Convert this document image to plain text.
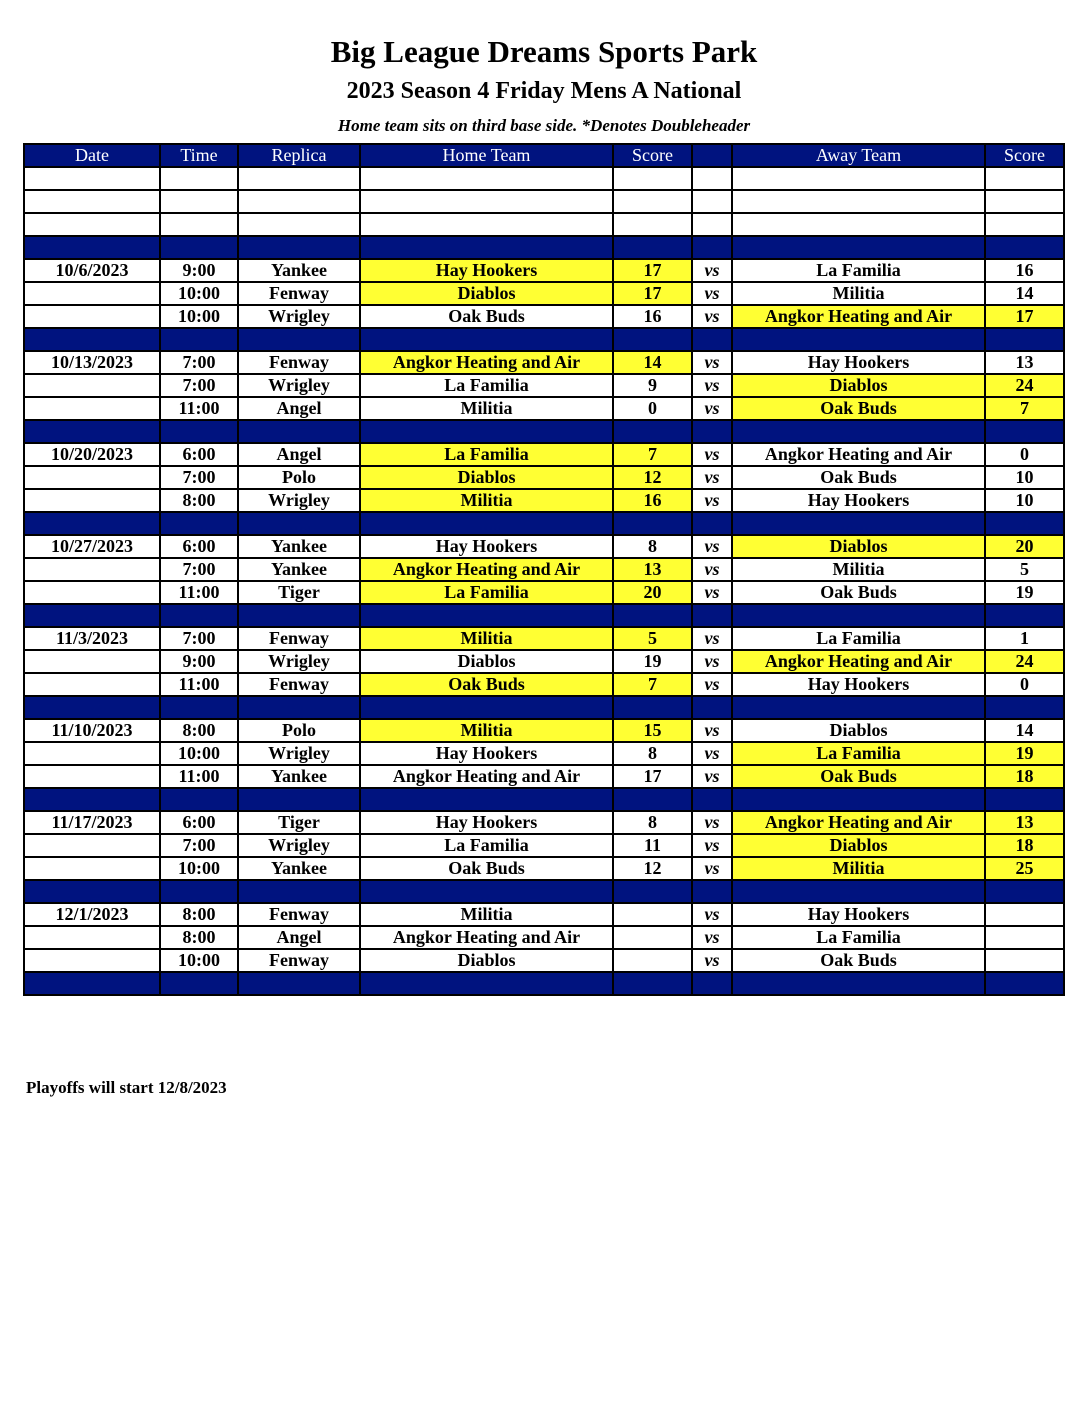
Big League Dreams Sports Park
2023 Season 4 Friday Mens A National
Home team sits on third base side. *Denotes Doubleheader
Date	Time	Replica	Home Team	Score		Away Team	Score

10/6/2023	9:00	Yankee	Hay Hookers	17	vs	La Familia	16
	10:00	Fenway	Diablos	17	vs	Militia	14
	10:00	Wrigley	Oak Buds	16	vs	Angkor Heating and Air	17

10/13/2023	7:00	Fenway	Angkor Heating and Air	14	vs	Hay Hookers	13
	7:00	Wrigley	La Familia	9	vs	Diablos	24
	11:00	Angel	Militia	0	vs	Oak Buds	7

10/20/2023	6:00	Angel	La Familia	7	vs	Angkor Heating and Air	0
	7:00	Polo	Diablos	12	vs	Oak Buds	10
	8:00	Wrigley	Militia	16	vs	Hay Hookers	10

10/27/2023	6:00	Yankee	Hay Hookers	8	vs	Diablos	20
	7:00	Yankee	Angkor Heating and Air	13	vs	Militia	5
	11:00	Tiger	La Familia	20	vs	Oak Buds	19

11/3/2023	7:00	Fenway	Militia	5	vs	La Familia	1
	9:00	Wrigley	Diablos	19	vs	Angkor Heating and Air	24
	11:00	Fenway	Oak Buds	7	vs	Hay Hookers	0

11/10/2023	8:00	Polo	Militia	15	vs	Diablos	14
	10:00	Wrigley	Hay Hookers	8	vs	La Familia	19
	11:00	Yankee	Angkor Heating and Air	17	vs	Oak Buds	18

11/17/2023	6:00	Tiger	Hay Hookers	8	vs	Angkor Heating and Air	13
	7:00	Wrigley	La Familia	11	vs	Diablos	18
	10:00	Yankee	Oak Buds	12	vs	Militia	25

12/1/2023	8:00	Fenway	Militia		vs	Hay Hookers	
	8:00	Angel	Angkor Heating and Air		vs	La Familia	
	10:00	Fenway	Diablos		vs	Oak Buds	

Playoffs will start 12/8/2023
